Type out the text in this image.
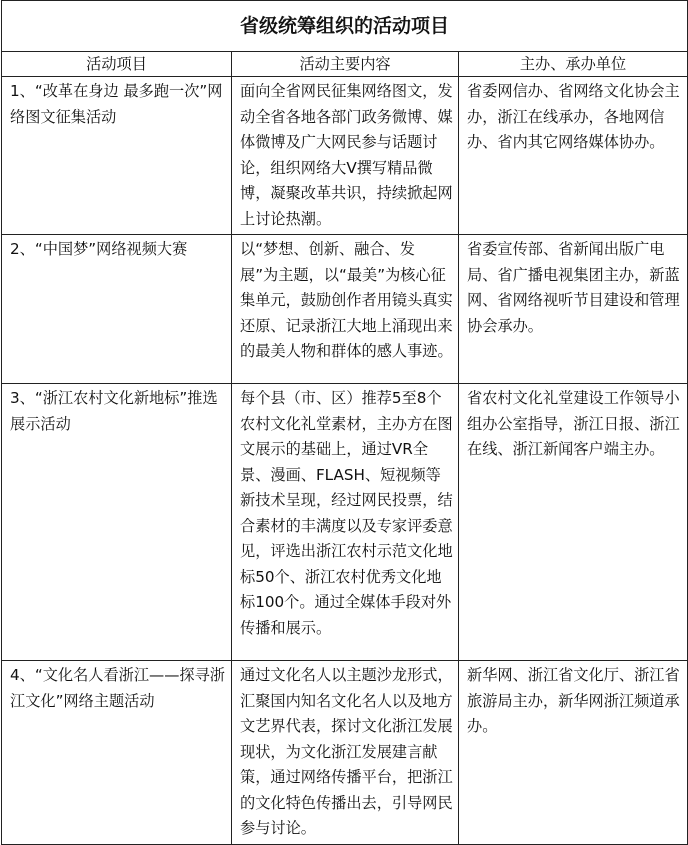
省级统筹组织的活动项目		
活动项目	活动主要内容	主办、承办单位
1、“改革在身边 最多跑一次”网络图文征集活动	面向全省网民征集网络图文，发动全省各地各部门政务微博、媒体微博及广大网民参与话题讨论，组织网络大V撰写精品微博，凝聚改革共识，持续掀起网上讨论热潮。	省委网信办、省网络文化协会主办，浙江在线承办，各地网信办、省内其它网络媒体协办。
2、“中国梦”网络视频大赛	以“梦想、创新、融合、发展”为主题，以“最美”为核心征集单元，鼓励创作者用镜头真实还原、记录浙江大地上涌现出来的最美人物和群体的感人事迹。	省委宣传部、省新闻出版广电局、省广播电视集团主办，新蓝网、省网络视听节目建设和管理协会承办。
3、“浙江农村文化新地标”推选展示活动	每个县（市、区）推荐5至8个农村文化礼堂素材，主办方在图文展示的基础上，通过VR全景、漫画、FLASH、短视频等新技术呈现，经过网民投票，结合素材的丰满度以及专家评委意见，评选出浙江农村示范文化地标50个、浙江农村优秀文化地标100个。通过全媒体手段对外传播和展示。	省农村文化礼堂建设工作领导小组办公室指导，浙江日报、浙江在线、浙江新闻客户端主办。
4、“文化名人看浙江——探寻浙江文化”网络主题活动	通过文化名人以主题沙龙形式，汇聚国内知名文化名人以及地方文艺界代表，探讨文化浙江发展现状，为文化浙江发展建言献策，通过网络传播平台，把浙江的文化特色传播出去，引导网民参与讨论。	新华网、浙江省文化厅、浙江省旅游局主办，新华网浙江频道承办。
